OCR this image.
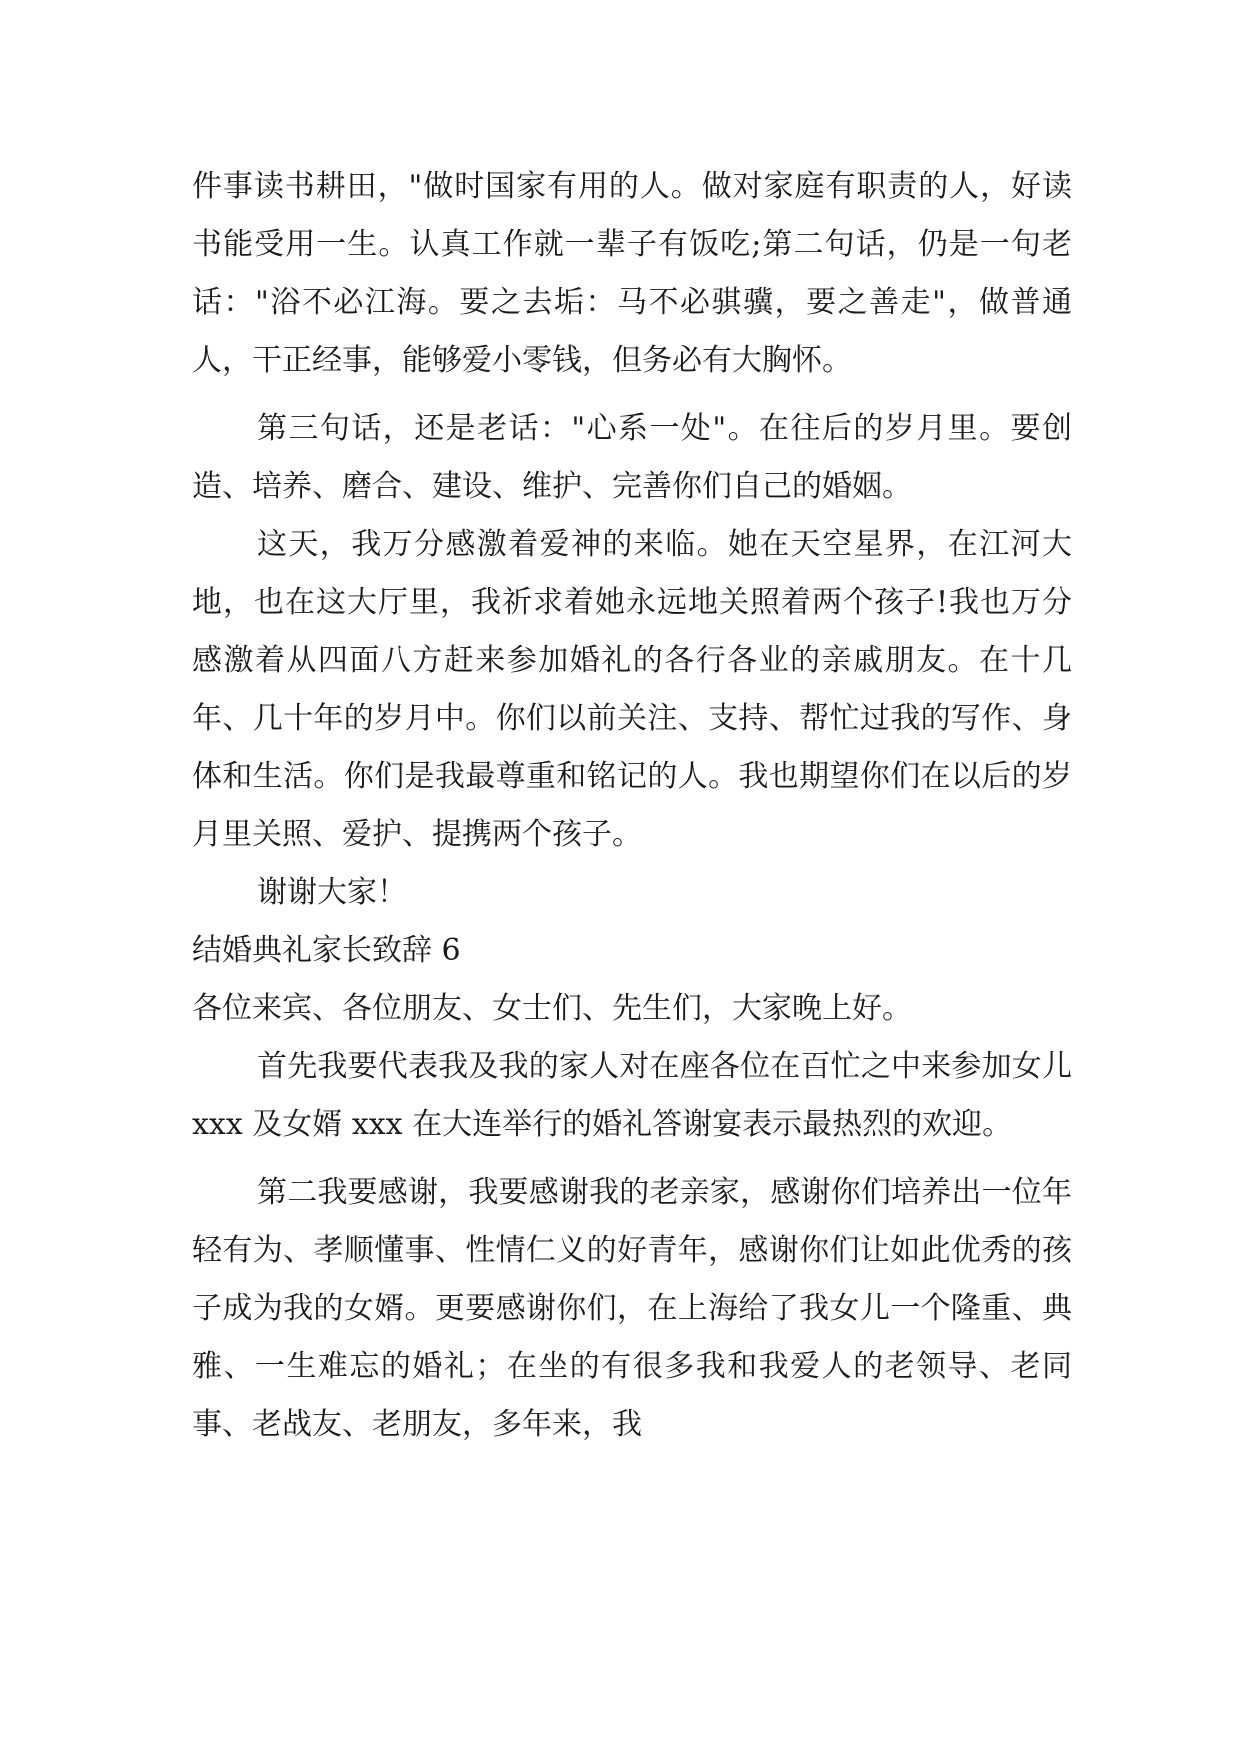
件事读书耕田，"做时国家有用的人。做对家庭有职责的人，好读书能受用一生。认真工作就一辈子有饭吃;第二句话，仍是一句老话："浴不必江海。要之去垢：马不必骐骥，要之善走"，做普通人，干正经事，能够爱小零钱，但务必有大胸怀。

第三句话，还是老话："心系一处"。在往后的岁月里。要创造、培养、磨合、建设、维护、完善你们自己的婚姻。

这天，我万分感激着爱神的来临。她在天空星界，在江河大地，也在这大厅里，我祈求着她永远地关照着两个孩子!我也万分感激着从四面八方赶来参加婚礼的各行各业的亲戚朋友。在十几年、几十年的岁月中。你们以前关注、支持、帮忙过我的写作、身体和生活。你们是我最尊重和铭记的人。我也期望你们在以后的岁月里关照、爱护、提携两个孩子。

谢谢大家！

结婚典礼家长致辞 6

各位来宾、各位朋友、女士们、先生们，大家晚上好。

首先我要代表我及我的家人对在座各位在百忙之中来参加女儿 xxx 及女婿 xxx 在大连举行的婚礼答谢宴表示最热烈的欢迎。

第二我要感谢，我要感谢我的老亲家，感谢你们培养出一位年轻有为、孝顺懂事、性情仁义的好青年，感谢你们让如此优秀的孩子成为我的女婿。更要感谢你们，在上海给了我女儿一个隆重、典雅、一生难忘的婚礼；在坐的有很多我和我爱人的老领导、老同事、老战友、老朋友，多年来，我
